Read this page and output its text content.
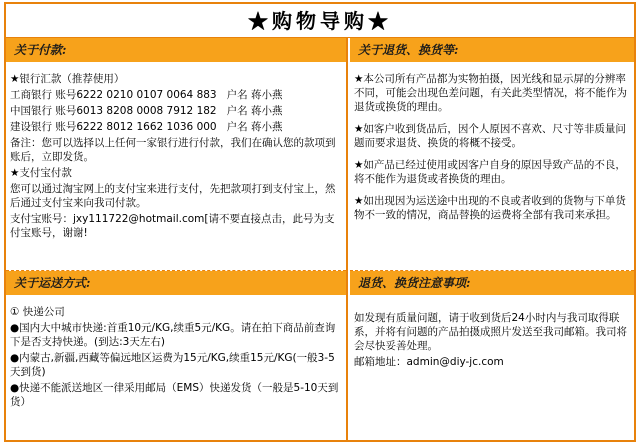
★购物导购★
关于付款:

★银行汇款（推荐使用）

工商银行 账号6222 0210 0107 0064 883   户名 蒋小燕

中国银行 账号6013 8208 0008 7912 182   户名 蒋小燕

建设银行 账号6222 8012 1662 1036 000   户名 蒋小燕

备注：您可以选择以上任何一家银行进行付款，我们在确认您的款项到账后，立即发货。

★支付宝付款

您可以通过淘宝网上的支付宝来进行支付，先把款项打到支付宝上，然后通过支付宝来向我司付款。

支付宝账号：jxy111722@hotmail.com[请不要直接点击，此号为支付宝账号，谢谢!

关于运送方式:

① 快递公司

●国内大中城市快递:首重10元/KG,续重5元/KG。请在拍下商品前查询下是否支持快递。(到达:3天左右)

●内蒙古,新疆,西藏等偏远地区运费为15元/KG,续重15元/KG(一般3-5天到货)

●快递不能派送地区一律采用邮局（EMS）快递发货（一般是5-10天到货）

关于退货、换货等:

★本公司所有产品都为实物拍摄，因光线和显示屏的分辨率不同，可能会出现色差问题，有关此类型情况，将不能作为退货或换货的理由。

★如客户收到货品后，因个人原因不喜欢、尺寸等非质量问题而要求退货、换货的将概不接受。

★如产品已经过使用或因客户自身的原因导致产品的不良，将不能作为退货或者换货的理由。

★如出现因为运送途中出现的不良或者收到的货物与下单货物不一致的情况，商品替换的运费将全部有我司来承担。

退货、换货注意事项:

如发现有质量问题，请于收到货后24小时内与我司取得联系，并将有问题的产品拍摄成照片发送至我司邮箱。我司将会尽快妥善处理。

邮箱地址：admin@diy-jc.com
